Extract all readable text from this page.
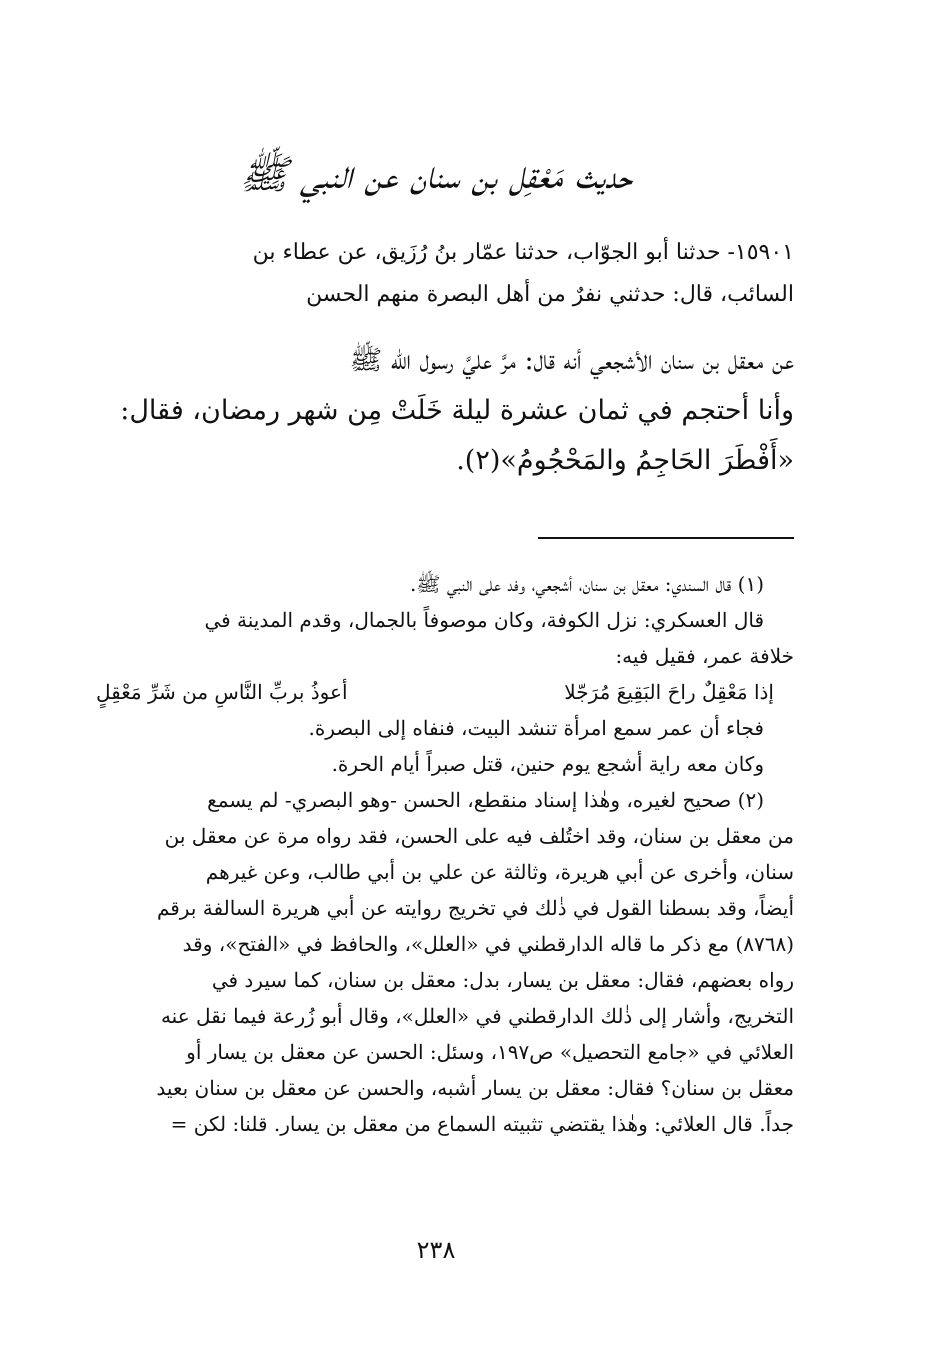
حديث مَعْقِل بن سنان عن النبي ﷺ
١٥٩٠١- حدثنا أبو الجوّاب، حدثنا عمّار بنُ رُزَيق، عن عطاء بن
السائب، قال: حدثني نفرٌ من أهل البصرة منهم الحسن
عن معقل بن سنان الأشجعي أنه قال: مرَّ عليَّ رسول الله ﷺ
وأنا أحتجم في ثمان عشرة ليلة خَلَتْ مِن شهر رمضان، فقال:
«أَفْطَرَ الحَاجِمُ والمَحْجُومُ»(٢).
(١) قال السندي: معقل بن سنان، أشجعي، وفد على النبي ﷺ.
قال العسكري: نزل الكوفة، وكان موصوفاً بالجمال، وقدم المدينة في
خلافة عمر، فقيل فيه:
أعوذُ بربِّ النَّاسِ من شَرِّ مَعْقِلٍ	إذا مَعْقِلٌ راحَ البَقِيعَ مُرَجّلا
فجاء أن عمر سمع امرأة تنشد البيت، فنفاه إلى البصرة.
وكان معه راية أشجع يوم حنين، قتل صبراً أيام الحرة.
(٢) صحيح لغيره، وهٰذا إسناد منقطع، الحسن -وهو البصري- لم يسمع
من معقل بن سنان، وقد اختُلف فيه على الحسن، فقد رواه مرة عن معقل بن
سنان، وأخرى عن أبي هريرة، وثالثة عن علي بن أبي طالب، وعن غيرهم
أيضاً، وقد بسطنا القول في ذٰلك في تخريج روايته عن أبي هريرة السالفة برقم
(٨٧٦٨) مع ذكر ما قاله الدارقطني في «العلل»، والحافظ في «الفتح»، وقد
رواه بعضهم، فقال: معقل بن يسار، بدل: معقل بن سنان، كما سيرد في
التخريج، وأشار إلى ذٰلك الدارقطني في «العلل»، وقال أبو زُرعة فيما نقل عنه
العلائي في «جامع التحصيل» ص١٩٧، وسئل: الحسن عن معقل بن يسار أو
معقل بن سنان؟ فقال: معقل بن يسار أشبه، والحسن عن معقل بن سنان بعيد
جداً. قال العلائي: وهٰذا يقتضي تثبيته السماع من معقل بن يسار. قلنا: لكن =
٢٣٨
